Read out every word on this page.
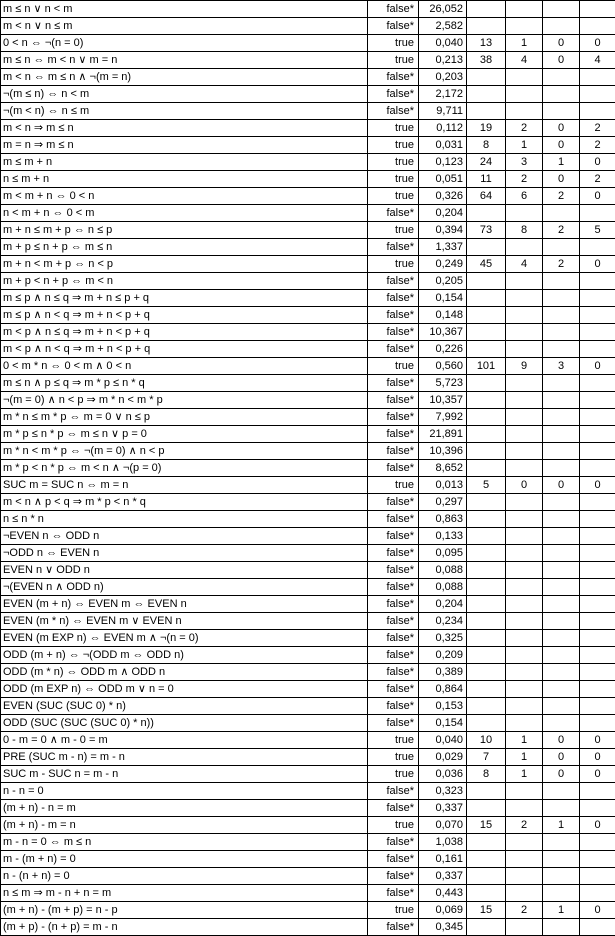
m ≤ n ∨ n < m	false*	26,052				
m < n ∨ n ≤ m	false*	2,582				
0 < n ⇔ ¬(n = 0)	true	0,040	13	1	0	0
m ≤ n ⇔ m < n ∨ m = n	true	0,213	38	4	0	4
m < n ⇔ m ≤ n ∧ ¬(m = n)	false*	0,203				
¬(m ≤ n) ⇔ n < m	false*	2,172				
¬(m < n) ⇔ n ≤ m	false*	9,711				
m < n ⇒ m ≤ n	true	0,112	19	2	0	2
m = n ⇒ m ≤ n	true	0,031	8	1	0	2
m ≤ m + n	true	0,123	24	3	1	0
n ≤ m + n	true	0,051	11	2	0	2
m < m + n ⇔ 0 < n	true	0,326	64	6	2	0
n < m + n ⇔ 0 < m	false*	0,204				
m + n ≤ m + p ⇔ n ≤ p	true	0,394	73	8	2	5
m + p ≤ n + p ⇔ m ≤ n	false*	1,337				
m + n < m + p ⇔ n < p	true	0,249	45	4	2	0
m + p < n + p ⇔ m < n	false*	0,205				
m ≤ p ∧ n ≤ q ⇒ m + n ≤ p + q	false*	0,154				
m ≤ p ∧ n < q ⇒ m + n < p + q	false*	0,148				
m < p ∧ n ≤ q ⇒ m + n < p + q	false*	10,367				
m < p ∧ n < q ⇒ m + n < p + q	false*	0,226				
0 < m * n ⇔ 0 < m ∧ 0 < n	true	0,560	101	9	3	0
m ≤ n ∧ p ≤ q ⇒ m * p ≤ n * q	false*	5,723				
¬(m = 0) ∧ n < p ⇒ m * n < m * p	false*	10,357				
m * n ≤ m * p ⇔ m = 0 ∨ n ≤ p	false*	7,992				
m * p ≤ n * p ⇔ m ≤ n ∨ p = 0	false*	21,891				
m * n < m * p ⇔ ¬(m = 0) ∧ n < p	false*	10,396				
m * p < n * p ⇔ m < n ∧ ¬(p = 0)	false*	8,652				
SUC m = SUC n ⇔ m = n	true	0,013	5	0	0	0
m < n ∧ p < q ⇒ m * p < n * q	false*	0,297				
n ≤ n * n	false*	0,863				
¬EVEN n ⇔ ODD n	false*	0,133				
¬ODD n ⇔ EVEN n	false*	0,095				
EVEN n ∨ ODD n	false*	0,088				
¬(EVEN n ∧ ODD n)	false*	0,088				
EVEN (m + n) ⇔ EVEN m ⇔ EVEN n	false*	0,204				
EVEN (m * n) ⇔ EVEN m ∨ EVEN n	false*	0,234				
EVEN (m EXP n) ⇔ EVEN m ∧ ¬(n = 0)	false*	0,325				
ODD (m + n) ⇔ ¬(ODD m ⇔ ODD n)	false*	0,209				
ODD (m * n) ⇔ ODD m ∧ ODD n	false*	0,389				
ODD (m EXP n) ⇔ ODD m ∨ n = 0	false*	0,864				
EVEN (SUC (SUC 0) * n)	false*	0,153				
ODD (SUC (SUC (SUC 0) * n))	false*	0,154				
0 - m = 0 ∧ m - 0 = m	true	0,040	10	1	0	0
PRE (SUC m - n) = m - n	true	0,029	7	1	0	0
SUC m - SUC n = m - n	true	0,036	8	1	0	0
n - n = 0	false*	0,323				
(m + n) - n = m	false*	0,337				
(m + n) - m = n	true	0,070	15	2	1	0
m - n = 0 ⇔ m ≤ n	false*	1,038				
m - (m + n) = 0	false*	0,161				
n - (n + n) = 0	false*	0,337				
n ≤ m ⇒ m - n + n = m	false*	0,443				
(m + n) - (m + p) = n - p	true	0,069	15	2	1	0
(m + p) - (n + p) = m - n	false*	0,345				
